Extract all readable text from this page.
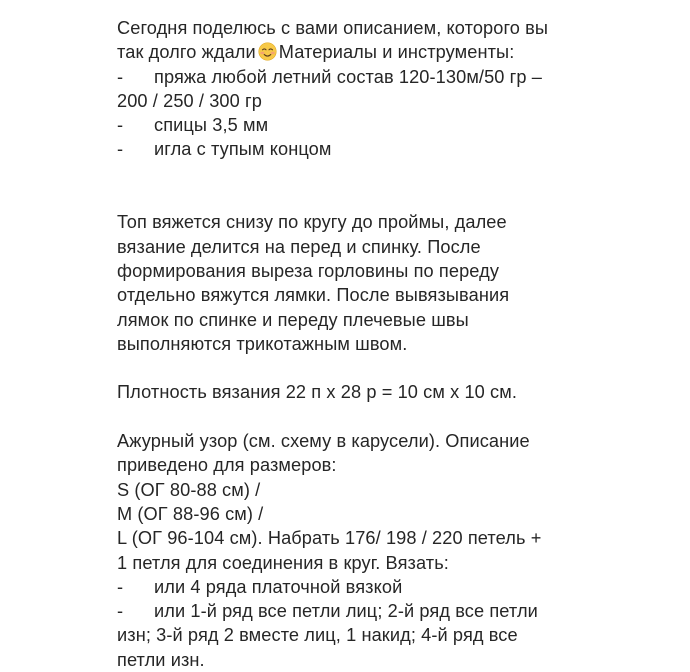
Сегодня поделюсь с вами описанием, которого вы
так долго ждали Материалы и инструменты:
- пряжа любой летний состав 120-130м/50 гр –
200 / 250 / 300 гр
- спицы 3,5 мм
- игла с тупым концом
Топ вяжется снизу по кругу до проймы, далее
вязание делится на перед и спинку. После
формирования выреза горловины по переду
отдельно вяжутся лямки. После вывязывания
лямок по спинке и переду плечевые швы
выполняются трикотажным швом.
Плотность вязания 22 п х 28 р = 10 см х 10 см.
Ажурный узор (см. схему в карусели). Описание
приведено для размеров:
S (ОГ 80-88 см) /
M (ОГ 88-96 см) /
L (ОГ 96-104 см). Набрать 176/ 198 / 220 петель +
1 петля для соединения в круг. Вязать:
- или 4 ряда платочной вязкой
- или 1-й ряд все петли лиц; 2-й ряд все петли
изн; 3-й ряд 2 вместе лиц, 1 накид; 4-й ряд все
петли изн.
